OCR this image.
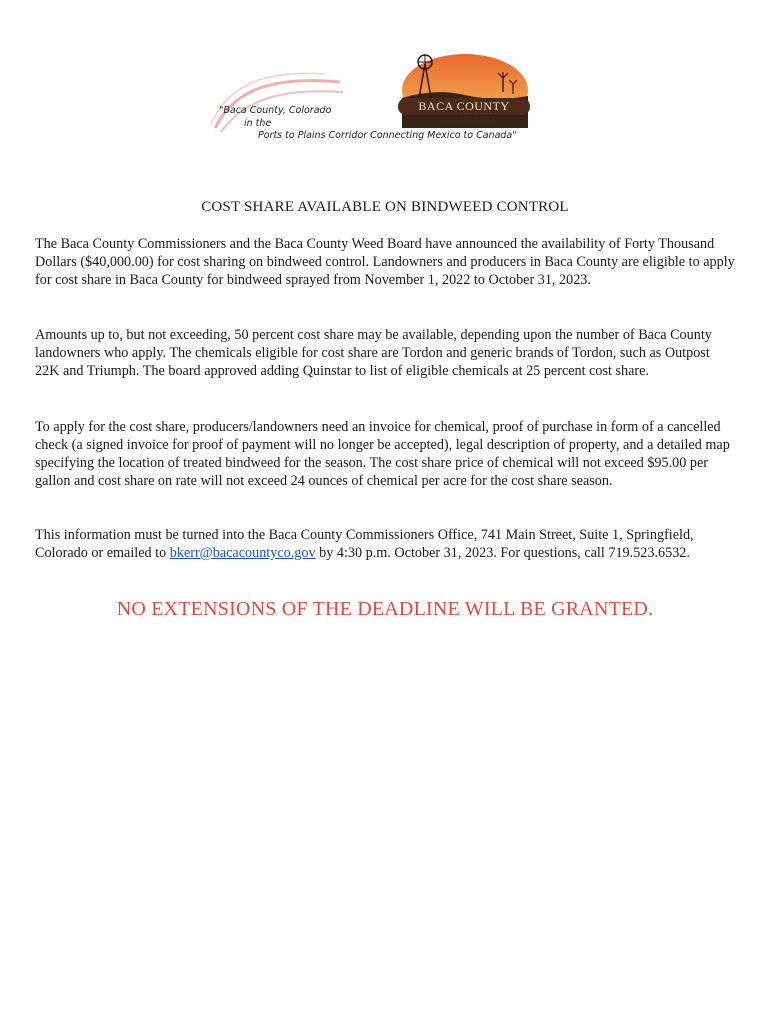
"Baca County, Colorado
in the
Ports to Plains Corridor Connecting Mexico to Canada"
BACA COUNTY
COLORADO
COST SHARE AVAILABLE ON BINDWEED CONTROL

The Baca County Commissioners and the Baca County Weed Board have announced the availability of Forty Thousand Dollars ($40,000.00) for cost sharing on bindweed control. Landowners and producers in Baca County are eligible to apply for cost share in Baca County for bindweed sprayed from November 1, 2022 to October 31, 2023.

Amounts up to, but not exceeding, 50 percent cost share may be available, depending upon the number of Baca County landowners who apply. The chemicals eligible for cost share are Tordon and generic brands of Tordon, such as Outpost 22K and Triumph. The board approved adding Quinstar to list of eligible chemicals at 25 percent cost share.

To apply for the cost share, producers/landowners need an invoice for chemical, proof of purchase in form of a cancelled check (a signed invoice for proof of payment will no longer be accepted), legal description of property, and a detailed map specifying the location of treated bindweed for the season. The cost share price of chemical will not exceed $95.00 per gallon and cost share on rate will not exceed 24 ounces of chemical per acre for the cost share season.

This information must be turned into the Baca County Commissioners Office, 741 Main Street, Suite 1, Springfield, Colorado or emailed to bkerr@bacacountyco.gov by 4:30 p.m. October 31, 2023. For questions, call 719.523.6532.

NO EXTENSIONS OF THE DEADLINE WILL BE GRANTED.
